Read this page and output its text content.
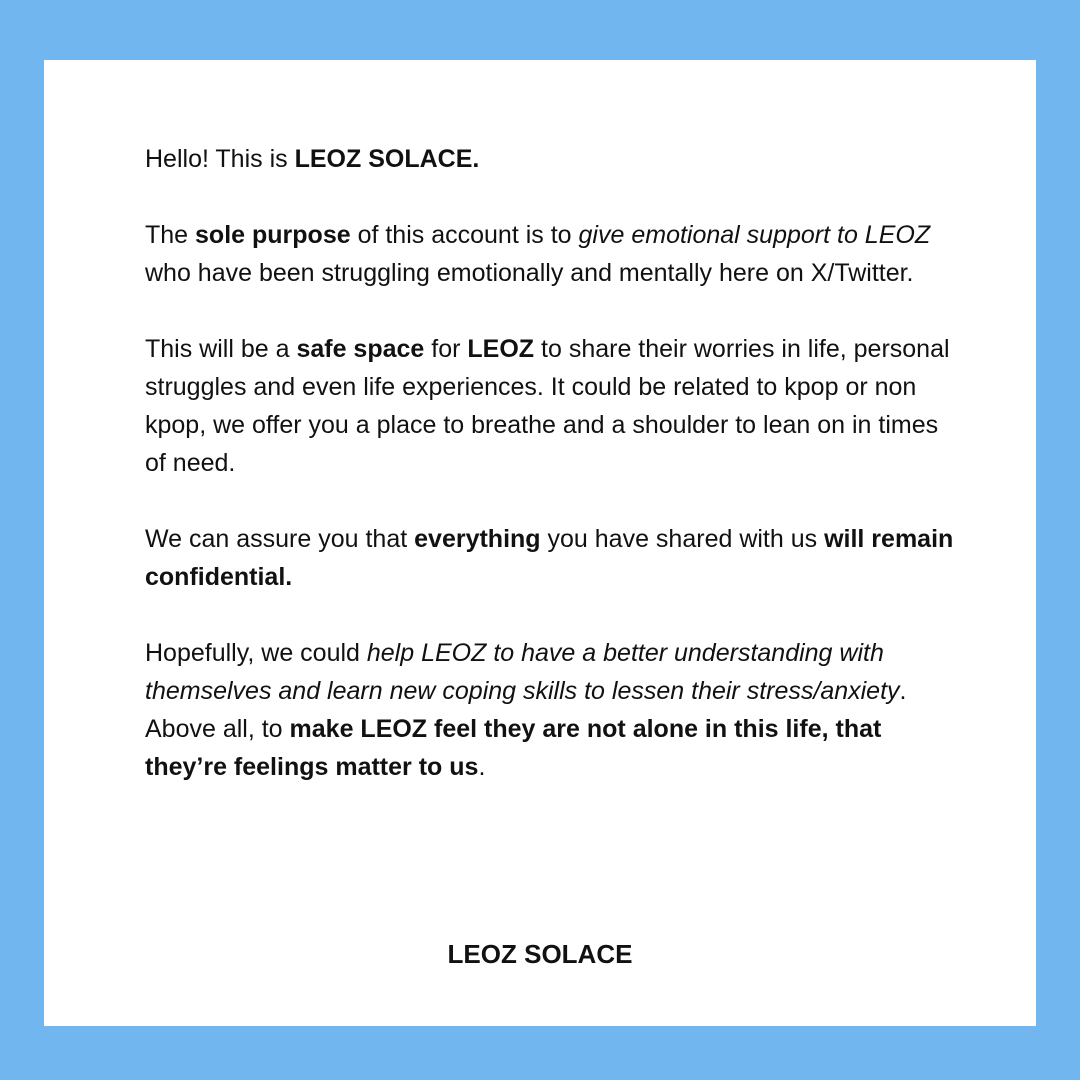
Hello! This is LEOZ SOLACE.

The sole purpose of this account is to give emotional support to LEOZ who have been struggling emotionally and mentally here on X/Twitter.

This will be a safe space for LEOZ to share their worries in life, personal struggles and even life experiences. It could be related to kpop or non kpop, we offer you a place to breathe and a shoulder to lean on in times of need.

We can assure you that everything you have shared with us will remain confidential.

Hopefully, we could help LEOZ to have a better understanding with themselves and learn new coping skills to lessen their stress/anxiety. Above all, to make LEOZ feel they are not alone in this life, that they’re feelings matter to us.

LEOZ SOLACE
